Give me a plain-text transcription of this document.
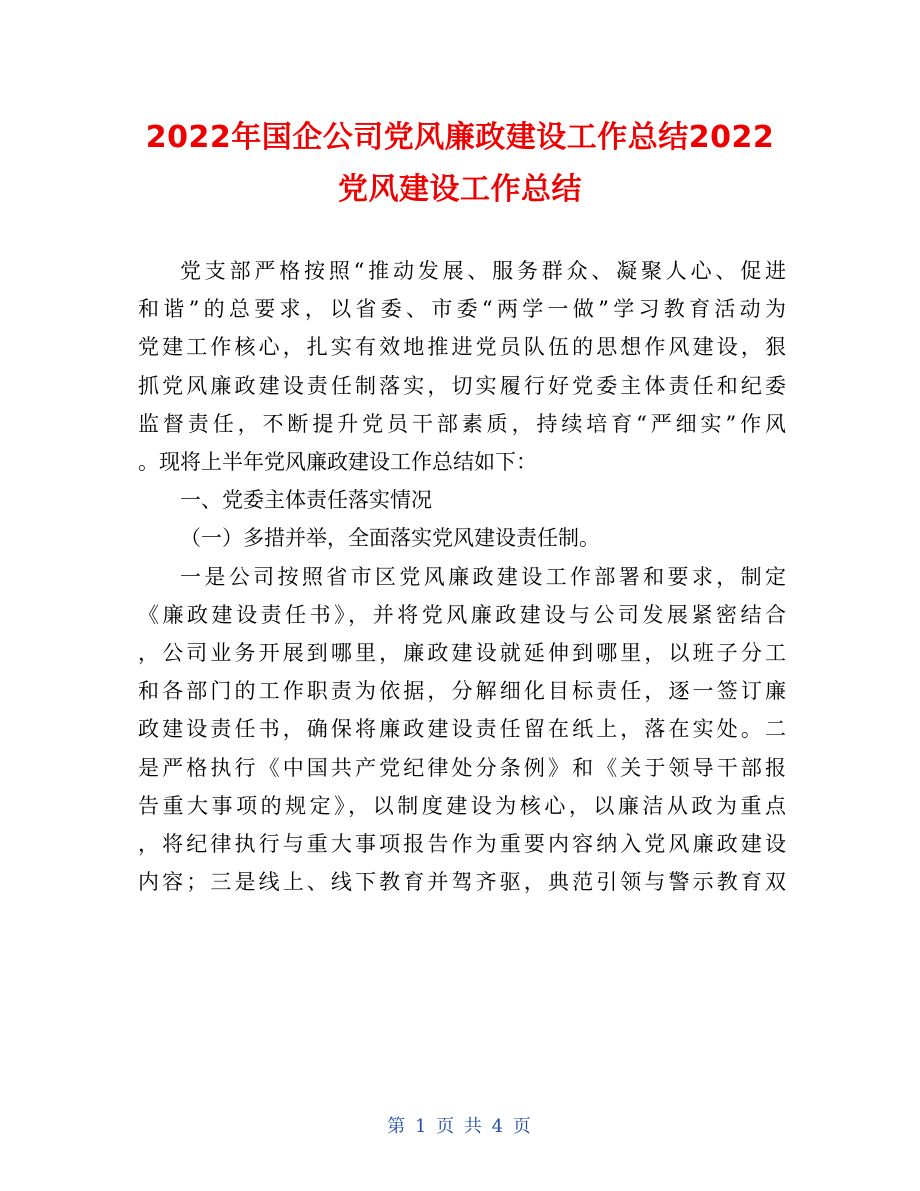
2022年国企公司党风廉政建设工作总结2022
党风建设工作总结

党支部严格按照“推动发展、服务群众、凝聚人心、促进
和谐”的总要求，以省委、市委“两学一做”学习教育活动为
党建工作核心，扎实有效地推进党员队伍的思想作风建设，狠
抓党风廉政建设责任制落实，切实履行好党委主体责任和纪委
监督责任，不断提升党员干部素质，持续培育“严细实”作风
。现将上半年党风廉政建设工作总结如下：

一、党委主体责任落实情况

（一）多措并举，全面落实党风建设责任制。

一是公司按照省市区党风廉政建设工作部署和要求，制定
《廉政建设责任书》，并将党风廉政建设与公司发展紧密结合
，公司业务开展到哪里，廉政建设就延伸到哪里，以班子分工
和各部门的工作职责为依据，分解细化目标责任，逐一签订廉
政建设责任书，确保将廉政建设责任留在纸上，落在实处。二
是严格执行《中国共产党纪律处分条例》和《关于领导干部报
告重大事项的规定》，以制度建设为核心，以廉洁从政为重点
，将纪律执行与重大事项报告作为重要内容纳入党风廉政建设
内容；三是线上、线下教育并驾齐驱，典范引领与警示教育双

第 1 页 共 4 页
